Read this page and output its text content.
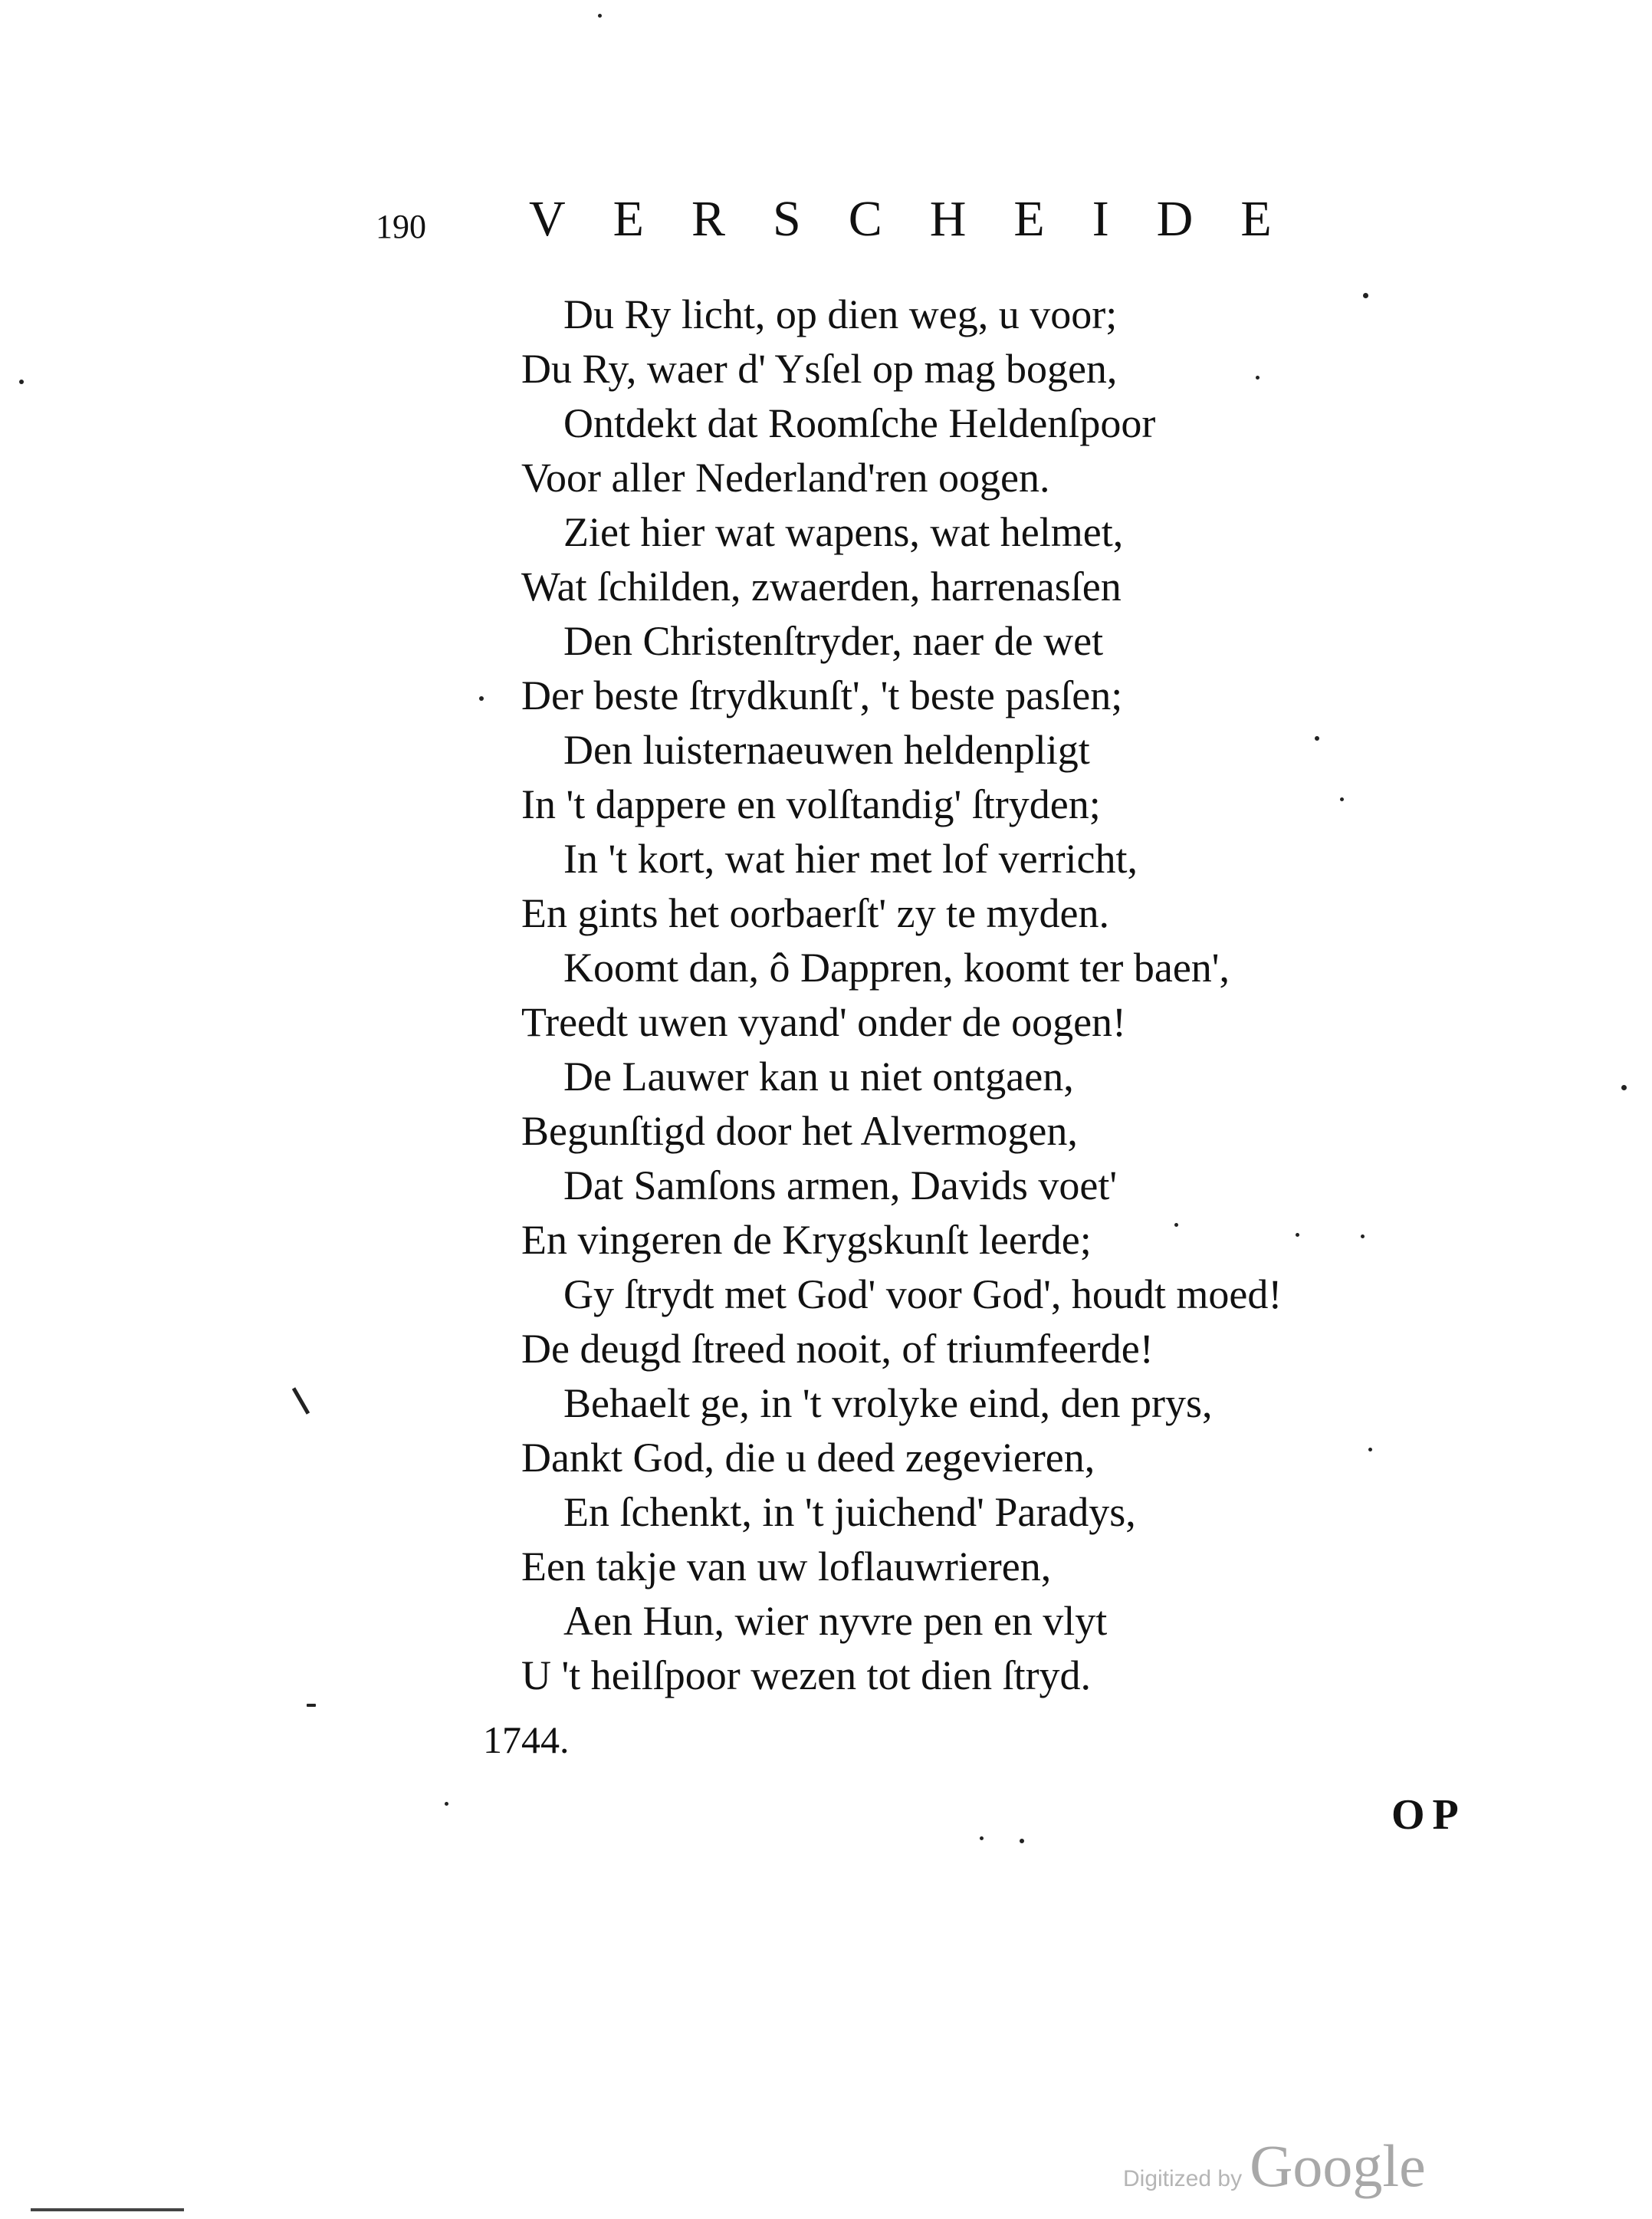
190 VERSCHEIDE
Du Ry licht, op dien weg, u voor;
Du Ry, waer d' Ysſel op mag bogen,
Ontdekt dat Roomſche Heldenſpoor
Voor aller Nederland'ren oogen.
Ziet hier wat wapens, wat helmet,
Wat ſchilden, zwaerden, harrenasſen
Den Christenſtryder, naer de wet
Der beste ſtrydkunſt', 't beste pasſen;
Den luisternaeuwen heldenpligt
In 't dappere en volſtandig' ſtryden;
In 't kort, wat hier met lof verricht,
En gints het oorbaerſt' zy te myden.
Koomt dan, ô Dappren, koomt ter baen',
Treedt uwen vyand' onder de oogen!
De Lauwer kan u niet ontgaen,
Begunſtigd door het Alvermogen,
Dat Samſons armen, Davids voet'
En vingeren de Krygskunſt leerde;
Gy ſtrydt met God' voor God', houdt moed!
De deugd ſtreed nooit, of triumfeerde!
Behaelt ge, in 't vrolyke eind, den prys,
Dankt God, die u deed zegevieren,
En ſchenkt, in 't juichend' Paradys,
Een takje van uw loflauwrieren,
Aen Hun, wier nyvre pen en vlyt
U 't heilſpoor wezen tot dien ſtryd.
1744.
OP
Digitized by Google
